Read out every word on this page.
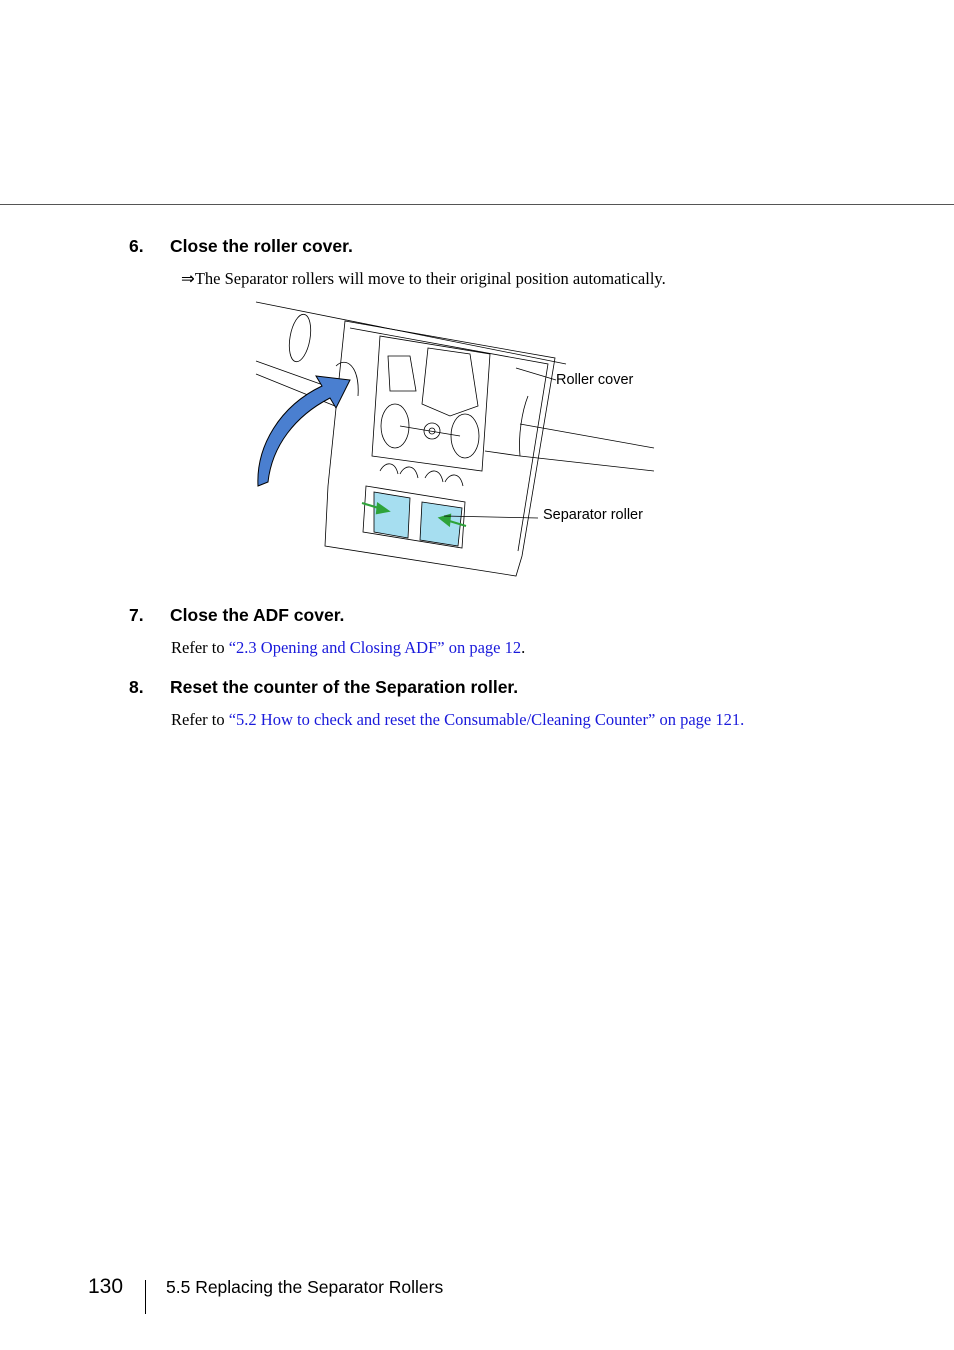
6. Close the roller cover.
⇒The Separator rollers will move to their original position automatically.
Roller cover
Separator roller
7. Close the ADF cover.
Refer to “2.3 Opening and Closing ADF” on page 12.
8. Reset the counter of the Separation roller.
Refer to “5.2 How to check and reset the Consumable/Cleaning Counter” on page 121.
130 5.5 Replacing the Separator Rollers
